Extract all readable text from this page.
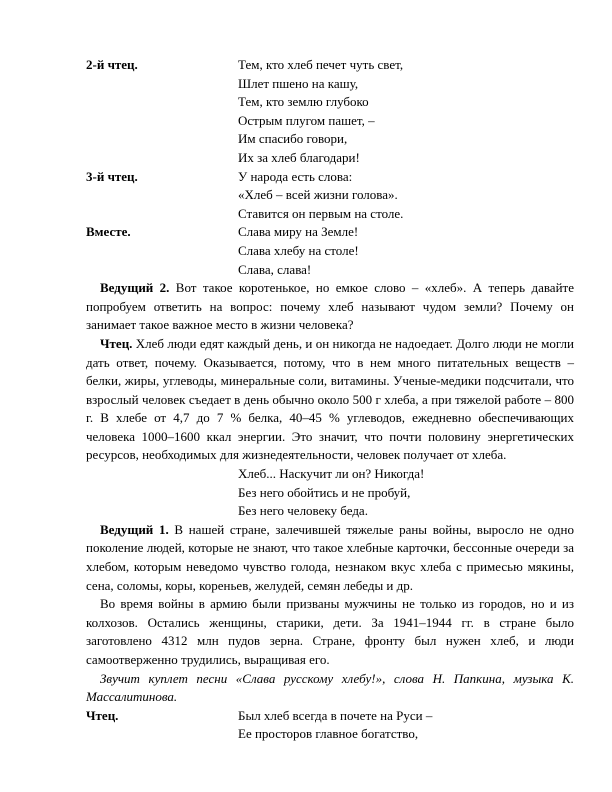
2-й чтец.	Тем, кто хлеб печет чуть свет,
Шлет пшено на кашу,
Тем, кто землю глубоко
Острым плугом пашет, –
Им спасибо говори,
Их за хлеб благодари!
3-й чтец.	У народа есть слова:
«Хлеб – всей жизни голова».
Ставится он первым на столе.
Вместе.	Слава миру на Земле!
Слава хлебу на столе!
Слава, слава!

Ведущий 2. Вот такое коротенькое, но емкое слово – «хлеб». А теперь давайте попробуем ответить на вопрос: почему хлеб называют чудом земли? Почему он занимает такое важное место в жизни человека?

Чтец. Хлеб люди едят каждый день, и он никогда не надоедает. Долго люди не могли дать ответ, почему. Оказывается, потому, что в нем много питательных веществ – белки, жиры, углеводы, минеральные соли, витамины. Ученые-медики подсчитали, что взрослый человек съедает в день обычно около 500 г хлеба, а при тяжелой работе – 800 г. В хлебе от 4,7 до 7 % белка, 40–45 % углеводов, ежедневно обеспечивающих человека 1000–1600 ккал энергии. Это значит, что почти половину энергетических ресурсов, необходимых для жизнедеятельности, человек получает от хлеба.

Хлеб... Наскучит ли он? Никогда!
Без него обойтись и не пробуй,
Без него человеку беда.

Ведущий 1. В нашей стране, залечившей тяжелые раны войны, выросло не одно поколение людей, которые не знают, что такое хлебные карточки, бессонные очереди за хлебом, которым неведомо чувство голода, незнаком вкус хлеба с примесью мякины, сена, соломы, коры, кореньев, желудей, семян лебеды и др.

Во время войны в армию были призваны мужчины не только из городов, но и из колхозов. Остались женщины, старики, дети. За 1941–1944 гг. в стране было заготовлено 4312 млн пудов зерна. Стране, фронту был нужен хлеб, и люди самоотверженно трудились, выращивая его.

Звучит куплет песни «Слава русскому хлебу!», слова Н. Папкина, музыка К. Массалитинова.

Чтец.	Был хлеб всегда в почете на Руси –
Ее просторов главное богатство,
